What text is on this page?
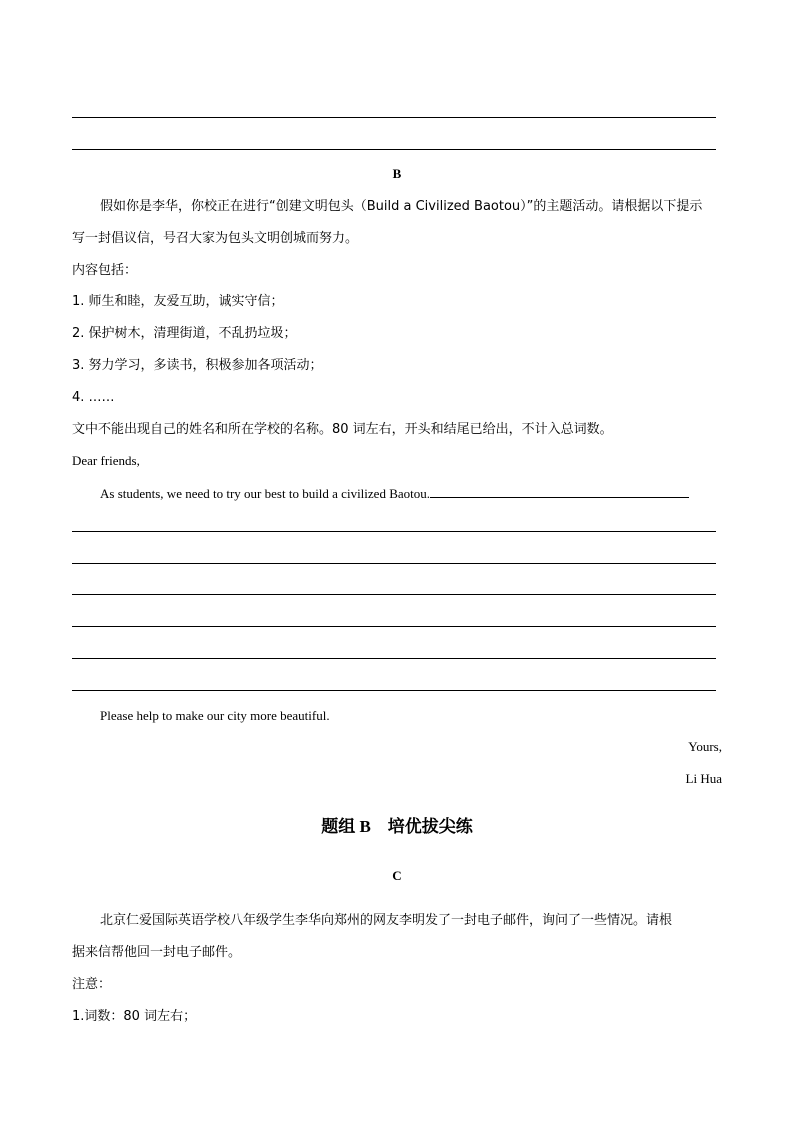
B
假如你是李华，你校正在进行“创建文明包头（Build a Civilized Baotou）”的主题活动。请根据以下提示
写一封倡议信，号召大家为包头文明创城而努力。
内容包括：
1. 师生和睦，友爱互助，诚实守信；
2. 保护树木，清理街道，不乱扔垃圾；
3. 努力学习，多读书，积极参加各项活动；
4. ……
文中不能出现自己的姓名和所在学校的名称。80 词左右，开头和结尾已给出，不计入总词数。
Dear friends,
As students, we need to try our best to build a civilized Baotou.
Please help to make our city more beautiful.
Yours,
Li Hua
题组 B    培优拔尖练
C
北京仁爱国际英语学校八年级学生李华向郑州的网友李明发了一封电子邮件，询问了一些情况。请根
据来信帮他回一封电子邮件。
注意：
1.词数：80 词左右；
